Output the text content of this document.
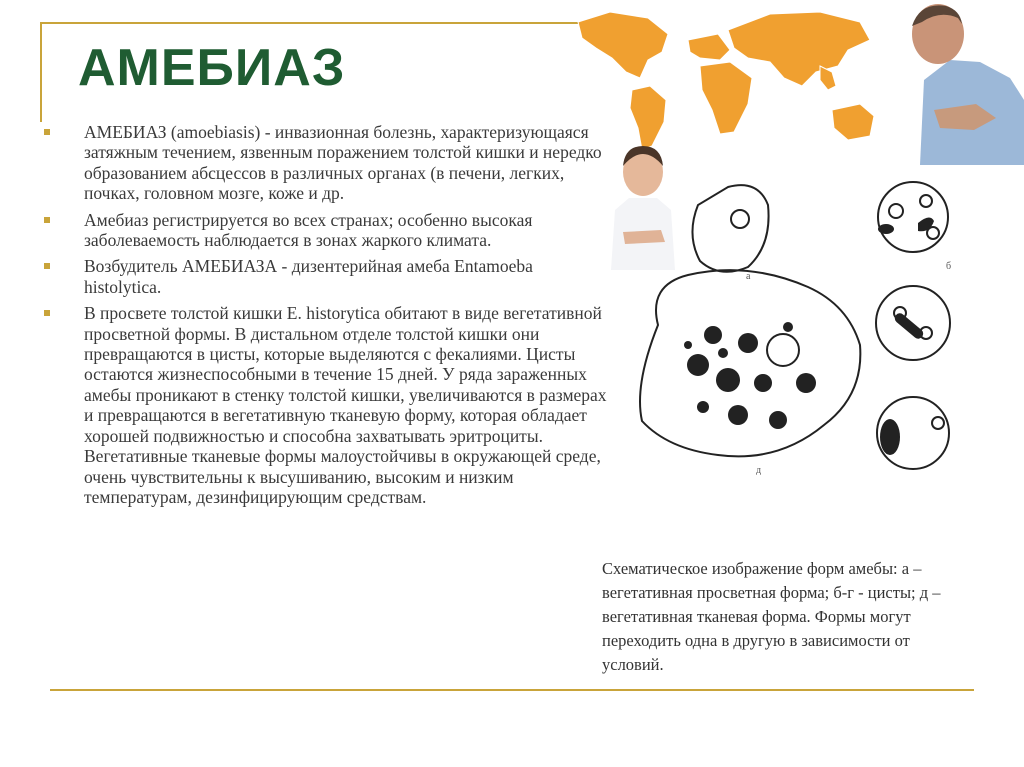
АМЕБИАЗ
АМЕБИАЗ (amoebiasis) - инвазионная болезнь, характеризующаяся затяжным течением, язвенным поражением толстой кишки и нередко образованием абсцессов в различных органах (в печени, легких, почках, головном мозге, коже и др.
Амебиаз регистрируется во всех странах; особенно высокая заболеваемость наблюдается в зонах жаркого климата.
Возбудитель АМЕБИАЗА - дизентерийная амеба Entamoeba histolytica.
В просвете толстой кишки E. historytica обитают в виде вегетативной просветной формы. В дистальном отделе толстой кишки они превращаются в цисты, которые выделяются с фекалиями. Цисты остаются жизнеспособными в течение 15 дней. У ряда зараженных амебы проникают в стенку толстой кишки, увеличиваются в размерах и превращаются в вегетативную тканевую форму, которая обладает хорошей подвижностью и способна захватывать эритроциты. Вегетативные тканевые формы малоустойчивы в окружающей среде, очень чувствительны к высушиванию, высоким и низким температурам, дезинфицирующим средствам.
а
б
д

Схематическое изображение форм амебы: а – вегетативная просветная форма; б-г - цисты; д – вегетативная тканевая форма. Формы могут переходить одна в другую в зависимости от условий.
